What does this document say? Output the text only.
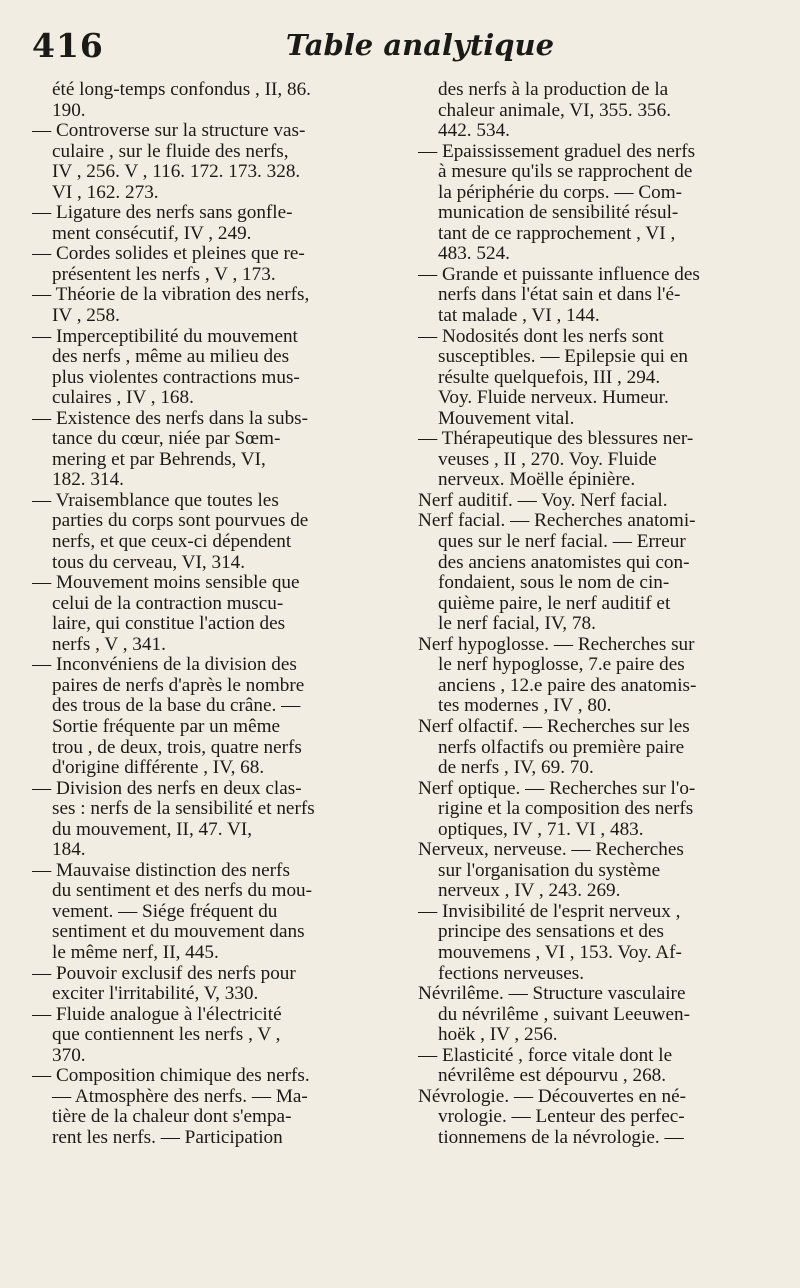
416	Table analytique
été long-temps confondus , II, 86.
190.
— Controverse sur la structure vas-
culaire , sur le fluide des nerfs,
IV , 256. V , 116. 172. 173. 328.
VI , 162. 273.
— Ligature des nerfs sans gonfle-
ment consécutif, IV , 249.
— Cordes solides et pleines que re-
présentent les nerfs , V , 173.
— Théorie de la vibration des nerfs,
IV , 258.
— Imperceptibilité du mouvement
des nerfs , même au milieu des
plus violentes contractions mus-
culaires , IV , 168.
— Existence des nerfs dans la subs-
tance du cœur, niée par Sœm-
mering et par Behrends, VI,
182. 314.
— Vraisemblance que toutes les
parties du corps sont pourvues de
nerfs, et que ceux-ci dépendent
tous du cerveau, VI, 314.
— Mouvement moins sensible que
celui de la contraction muscu-
laire, qui constitue l'action des
nerfs , V , 341.
— Inconvéniens de la division des
paires de nerfs d'après le nombre
des trous de la base du crâne. —
Sortie fréquente par un même
trou , de deux, trois, quatre nerfs
d'origine différente , IV, 68.
— Division des nerfs en deux clas-
ses : nerfs de la sensibilité et nerfs
du mouvement, II, 47. VI,
184.
— Mauvaise distinction des nerfs
du sentiment et des nerfs du mou-
vement. — Siége fréquent du
sentiment et du mouvement dans
le même nerf, II, 445.
— Pouvoir exclusif des nerfs pour
exciter l'irritabilité, V, 330.
— Fluide analogue à l'électricité
que contiennent les nerfs , V ,
370.
— Composition chimique des nerfs.
— Atmosphère des nerfs. — Ma-
tière de la chaleur dont s'empa-
rent les nerfs. — Participation
des nerfs à la production de la
chaleur animale, VI, 355. 356.
442. 534.
— Epaississement graduel des nerfs
à mesure qu'ils se rapprochent de
la périphérie du corps. — Com-
munication de sensibilité résul-
tant de ce rapprochement , VI ,
483. 524.
— Grande et puissante influence des
nerfs dans l'état sain et dans l'é-
tat malade , VI , 144.
— Nodosités dont les nerfs sont
susceptibles. — Epilepsie qui en
résulte quelquefois, III , 294.
Voy. Fluide nerveux. Humeur.
Mouvement vital.
— Thérapeutique des blessures ner-
veuses , II , 270. Voy. Fluide
nerveux. Moëlle épinière.
Nerf auditif. — Voy. Nerf facial.
Nerf facial. — Recherches anatomi-
ques sur le nerf facial. — Erreur
des anciens anatomistes qui con-
fondaient, sous le nom de cin-
quième paire, le nerf auditif et
le nerf facial, IV, 78.
Nerf hypoglosse. — Recherches sur
le nerf hypoglosse, 7.e paire des
anciens , 12.e paire des anatomis-
tes modernes , IV , 80.
Nerf olfactif. — Recherches sur les
nerfs olfactifs ou première paire
de nerfs , IV, 69. 70.
Nerf optique. — Recherches sur l'o-
rigine et la composition des nerfs
optiques, IV , 71. VI , 483.
Nerveux, nerveuse. — Recherches
sur l'organisation du système
nerveux , IV , 243. 269.
— Invisibilité de l'esprit nerveux ,
principe des sensations et des
mouvemens , VI , 153. Voy. Af-
fections nerveuses.
Névrilême. — Structure vasculaire
du névrilême , suivant Leeuwen-
hoëk , IV , 256.
— Elasticité , force vitale dont le
névrilême est dépourvu , 268.
Névrologie. — Découvertes en né-
vrologie. — Lenteur des perfec-
tionnemens de la névrologie. —
